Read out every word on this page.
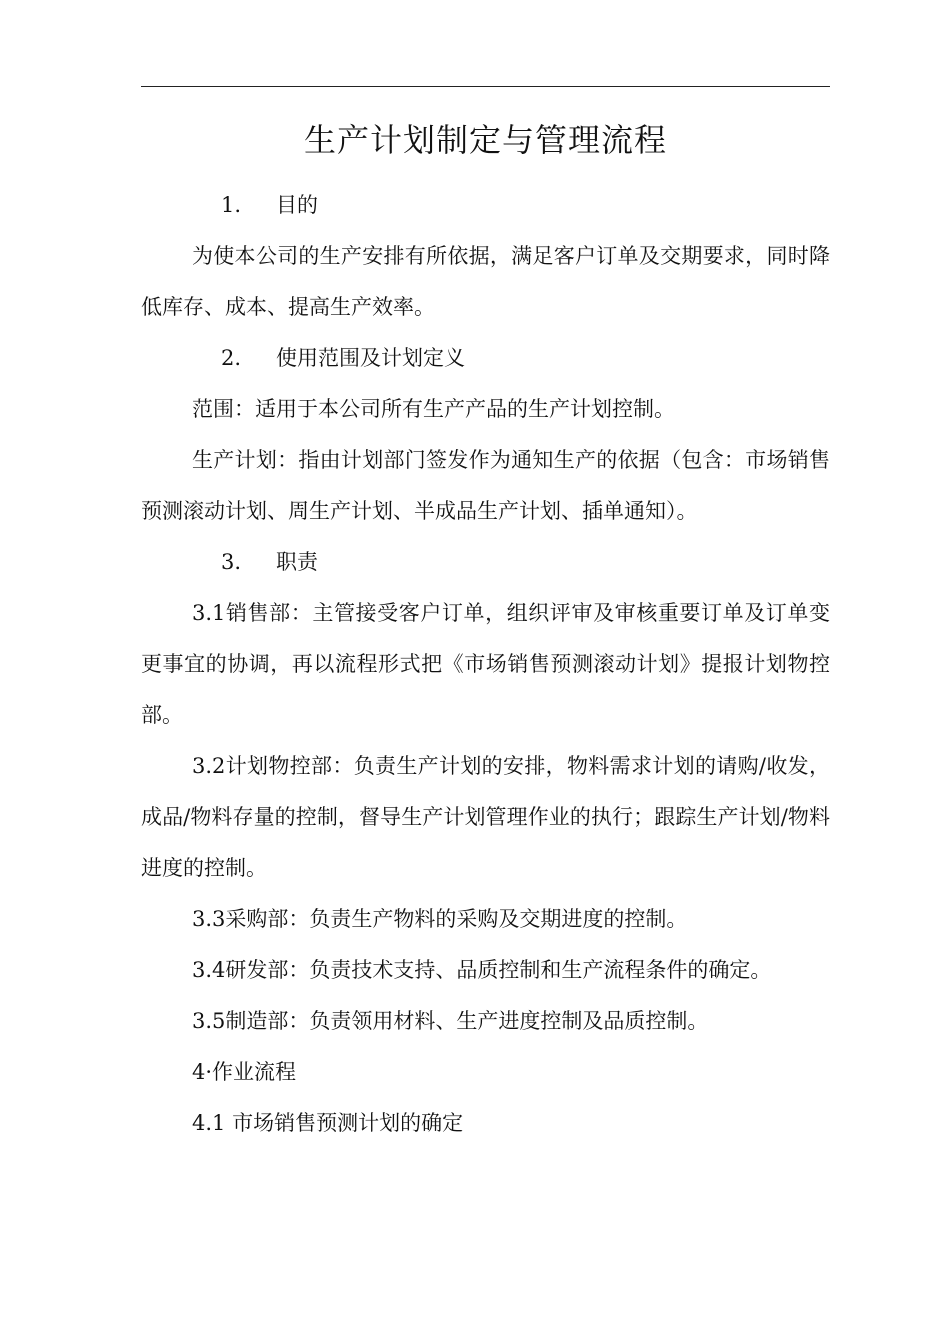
生产计划制定与管理流程

1. 目的

为使本公司的生产安排有所依据，满足客户订单及交期要求，同时降低库存、成本、提高生产效率。

2. 使用范围及计划定义

范围：适用于本公司所有生产产品的生产计划控制。

生产计划：指由计划部门签发作为通知生产的依据（包含：市场销售预测滚动计划、周生产计划、半成品生产计划、插单通知）。

3. 职责

3.1销售部：主管接受客户订单，组织评审及审核重要订单及订单变更事宜的协调，再以流程形式把《市场销售预测滚动计划》提报计划物控部。

3.2计划物控部：负责生产计划的安排，物料需求计划的请购/收发，成品/物料存量的控制，督导生产计划管理作业的执行；跟踪生产计划/物料进度的控制。

3.3采购部：负责生产物料的采购及交期进度的控制。

3.4研发部：负责技术支持、品质控制和生产流程条件的确定。

3.5制造部：负责领用材料、生产进度控制及品质控制。

4·作业流程

4.1 市场销售预测计划的确定
